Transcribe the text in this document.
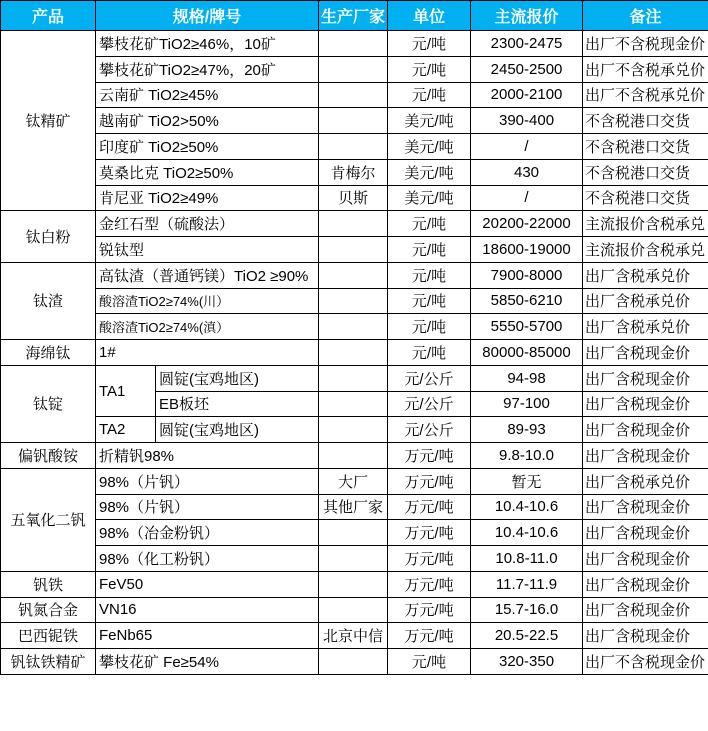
产品	规格/牌号		生产厂家	单位	主流报价	备注
钛精矿	攀枝花矿TiO2≥46%，10矿			元/吨	2300-2475	出厂不含税现金价
	攀枝花矿TiO2≥47%，20矿			元/吨	2450-2500	出厂不含税承兑价
	云南矿 TiO2≥45%			元/吨	2000-2100	出厂不含税承兑价
	越南矿 TiO2>50%			美元/吨	390-400	不含税港口交货
	印度矿 TiO2≥50%			美元/吨	/	不含税港口交货
	莫桑比克 TiO2≥50%		肯梅尔	美元/吨	430	不含税港口交货
	肯尼亚 TiO2≥49%		贝斯	美元/吨	/	不含税港口交货
钛白粉	金红石型（硫酸法）			元/吨	20200-22000	主流报价含税承兑
	锐钛型			元/吨	18600-19000	主流报价含税承兑
钛渣	高钛渣（普通钙镁）TiO2 ≥90%			元/吨	7900-8000	出厂含税承兑价
	酸溶渣TiO2≥74%(川）			元/吨	5850-6210	出厂含税承兑价
	酸溶渣TiO2≥74%(滇）			元/吨	5550-5700	出厂含税承兑价
海绵钛	1#			元/吨	80000-85000	出厂含税现金价
钛锭	TA1	圆锭(宝鸡地区)		元/公斤	94-98	出厂含税现金价
		EB板坯		元/公斤	97-100	出厂含税现金价
	TA2	圆锭(宝鸡地区)		元/公斤	89-93	出厂含税现金价
偏钒酸铵	折精钒98%			万元/吨	9.8-10.0	出厂含税现金价
五氧化二钒	98%（片钒）		大厂	万元/吨	暂无	出厂含税承兑价
	98%（片钒）		其他厂家	万元/吨	10.4-10.6	出厂含税现金价
	98%（冶金粉钒）			万元/吨	10.4-10.6	出厂含税现金价
	98%（化工粉钒）			万元/吨	10.8-11.0	出厂含税现金价
钒铁	FeV50			万元/吨	11.7-11.9	出厂含税现金价
钒氮合金	VN16			万元/吨	15.7-16.0	出厂含税现金价
巴西铌铁	FeNb65		北京中信	万元/吨	20.5-22.5	出厂含税现金价
钒钛铁精矿	攀枝花矿 Fe≥54%			元/吨	320-350	出厂不含税现金价
